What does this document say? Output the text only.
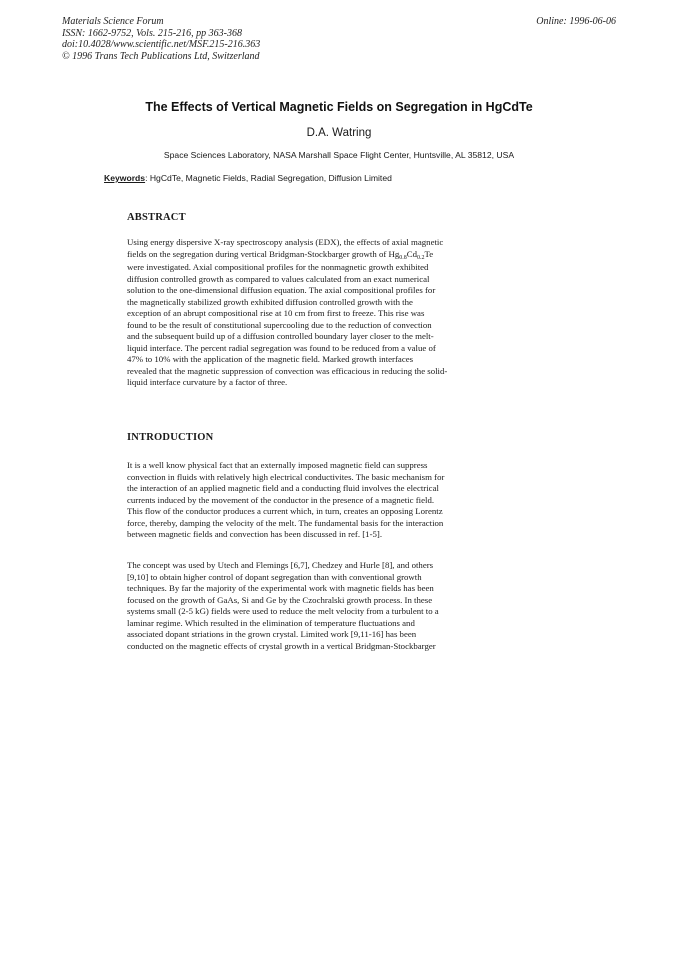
Materials Science Forum
ISSN: 1662-9752, Vols. 215-216, pp 363-368
doi:10.4028/www.scientific.net/MSF.215-216.363
© 1996 Trans Tech Publications Ltd, Switzerland
Online: 1996-06-06
The Effects of Vertical Magnetic Fields on Segregation in HgCdTe
D.A. Watring
Space Sciences Laboratory, NASA Marshall Space Flight Center, Huntsville, AL 35812, USA
Keywords: HgCdTe, Magnetic Fields, Radial Segregation, Diffusion Limited
ABSTRACT
Using energy dispersive X-ray spectroscopy analysis (EDX), the effects of axial magnetic
fields on the segregation during vertical Bridgman-Stockbarger growth of $Hg_{0.8}Cd_{0.2}Te$
were investigated. Axial compositional profiles for the nonmagnetic growth exhibited
diffusion controlled growth as compared to values calculated from an exact numerical
solution to the one-dimensional diffusion equation. The axial compositional profiles for
the magnetically stabilized growth exhibited diffusion controlled growth with the
exception of an abrupt compositional rise at 10 cm from first to freeze. This rise was
found to be the result of constitutional supercooling due to the reduction of convection
and the subsequent build up of a diffusion controlled boundary layer closer to the melt-
liquid interface. The percent radial segregation was found to be reduced from a value of
47% to 10% with the application of the magnetic field. Marked growth interfaces
revealed that the magnetic suppression of convection was efficacious in reducing the solid-
liquid interface curvature by a factor of three.
INTRODUCTION
It is a well know physical fact that an externally imposed magnetic field can suppress
convection in fluids with relatively high electrical conductivites. The basic mechanism for
the interaction of an applied magnetic field and a conducting fluid involves the electrical
currents induced by the movement of the conductor in the presence of a magnetic field.
This flow of the conductor produces a current which, in turn, creates an opposing Lorentz
force, thereby, damping the velocity of the melt. The fundamental basis for the interaction
between magnetic fields and convection has been discussed in ref. [1-5].
The concept was used by Utech and Flemings [6,7], Chedzey and Hurle [8], and others
[9,10] to obtain higher control of dopant segregation than with conventional growth
techniques. By far the majority of the experimental work with magnetic fields has been
focused on the growth of GaAs, Si and Ge by the Czochralski growth process. In these
systems small (2-5 kG) fields were used to reduce the melt velocity from a turbulent to a
laminar regime. Which resulted in the elimination of temperature fluctuations and
associated dopant striations in the grown crystal. Limited work [9,11-16] has been
conducted on the magnetic effects of crystal growth in a vertical Bridgman-Stockbarger
